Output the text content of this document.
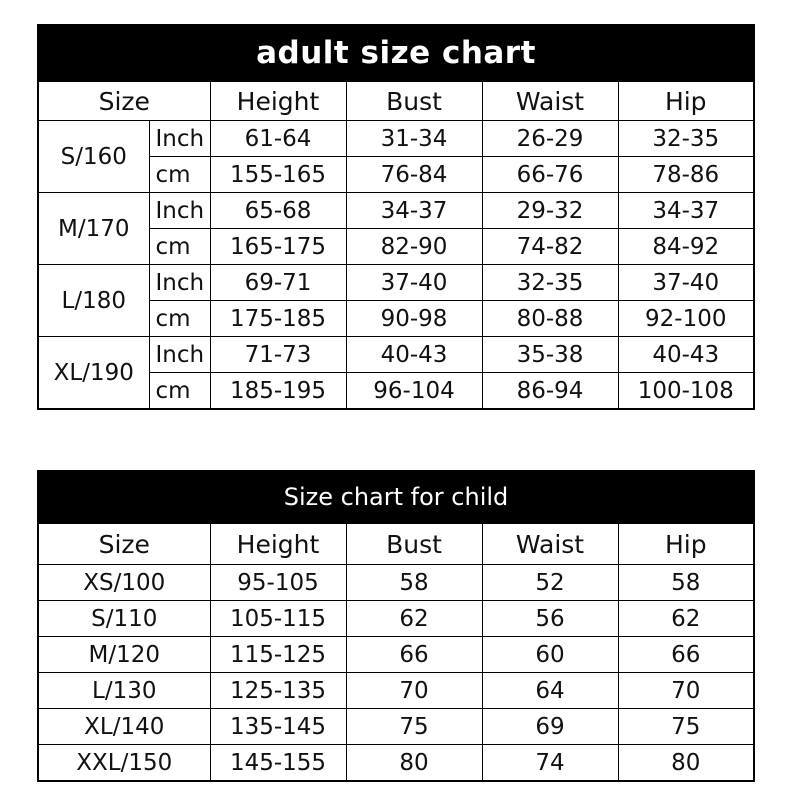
adult size chart					
Size		Height	Bust	Waist	Hip
S/160	Inch	61-64	31-34	26-29	32-35
	cm	155-165	76-84	66-76	78-86
M/170	Inch	65-68	34-37	29-32	34-37
	cm	165-175	82-90	74-82	84-92
L/180	Inch	69-71	37-40	32-35	37-40
	cm	175-185	90-98	80-88	92-100
XL/190	Inch	71-73	40-43	35-38	40-43
	cm	185-195	96-104	86-94	100-108
Size chart for child				
Size	Height	Bust	Waist	Hip
XS/100	95-105	58	52	58
S/110	105-115	62	56	62
M/120	115-125	66	60	66
L/130	125-135	70	64	70
XL/140	135-145	75	69	75
XXL/150	145-155	80	74	80
